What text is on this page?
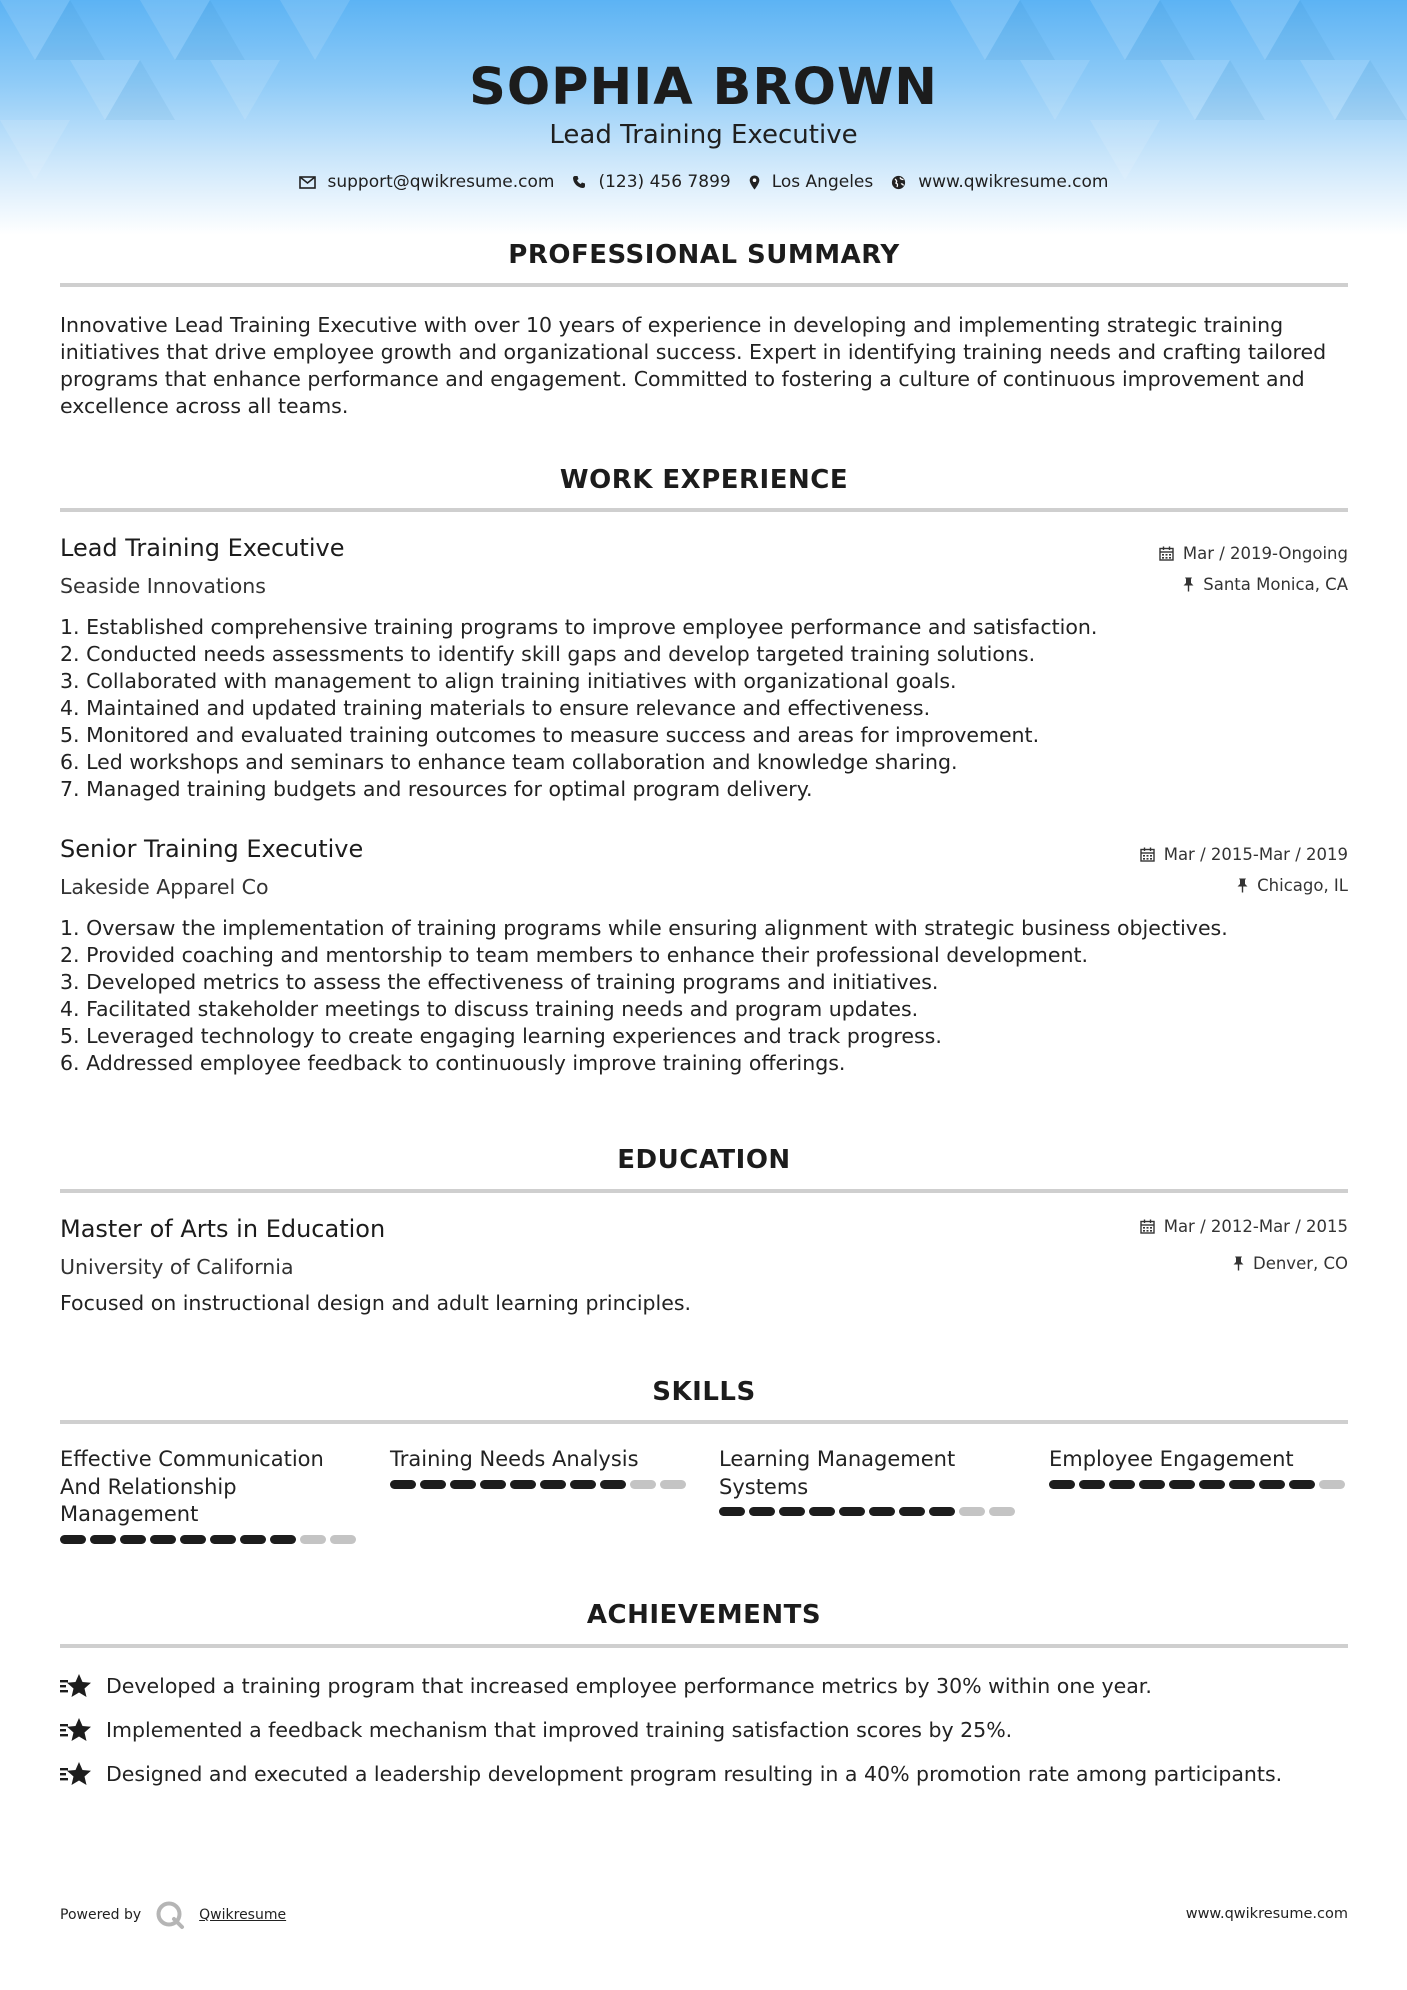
SOPHIA BROWN
Lead Training Executive
support@qwikresume.com	(123) 456 7899 Los Angeles	www.qwikresume.com
PROFESSIONAL SUMMARY
Innovative Lead Training Executive with over 10 years of experience in developing and implementing strategic training initiatives that drive employee growth and organizational success. Expert in identifying training needs and crafting tailored programs that enhance performance and engagement. Committed to fostering a culture of continuous improvement and excellence across all teams.
WORK EXPERIENCE
Lead Training Executive	Mar / 2019-Ongoing
Seaside Innovations	Santa Monica, CA
1. Established comprehensive training programs to improve employee performance and satisfaction.
2. Conducted needs assessments to identify skill gaps and develop targeted training solutions.
3. Collaborated with management to align training initiatives with organizational goals.
4. Maintained and updated training materials to ensure relevance and effectiveness.
5. Monitored and evaluated training outcomes to measure success and areas for improvement.
6. Led workshops and seminars to enhance team collaboration and knowledge sharing.
7. Managed training budgets and resources for optimal program delivery.
Senior Training Executive	Mar / 2015-Mar / 2019
Lakeside Apparel Co	Chicago, IL
1. Oversaw the implementation of training programs while ensuring alignment with strategic business objectives.
2. Provided coaching and mentorship to team members to enhance their professional development.
3. Developed metrics to assess the effectiveness of training programs and initiatives.
4. Facilitated stakeholder meetings to discuss training needs and program updates.
5. Leveraged technology to create engaging learning experiences and track progress.
6. Addressed employee feedback to continuously improve training offerings.
EDUCATION
Master of Arts in Education	Mar / 2012-Mar / 2015
University of California	Denver, CO
Focused on instructional design and adult learning principles.
SKILLS
Effective Communication And Relationship Management
Training Needs Analysis	Learning Management Systems
Employee Engagement
ACHIEVEMENTS
Developed a training program that increased employee performance metrics by 30% within one year.
Implemented a feedback mechanism that improved training satisfaction scores by 25%.
Designed and executed a leadership development program resulting in a 40% promotion rate among participants.
Powered by	Qwikresume	www.qwikresume.com
